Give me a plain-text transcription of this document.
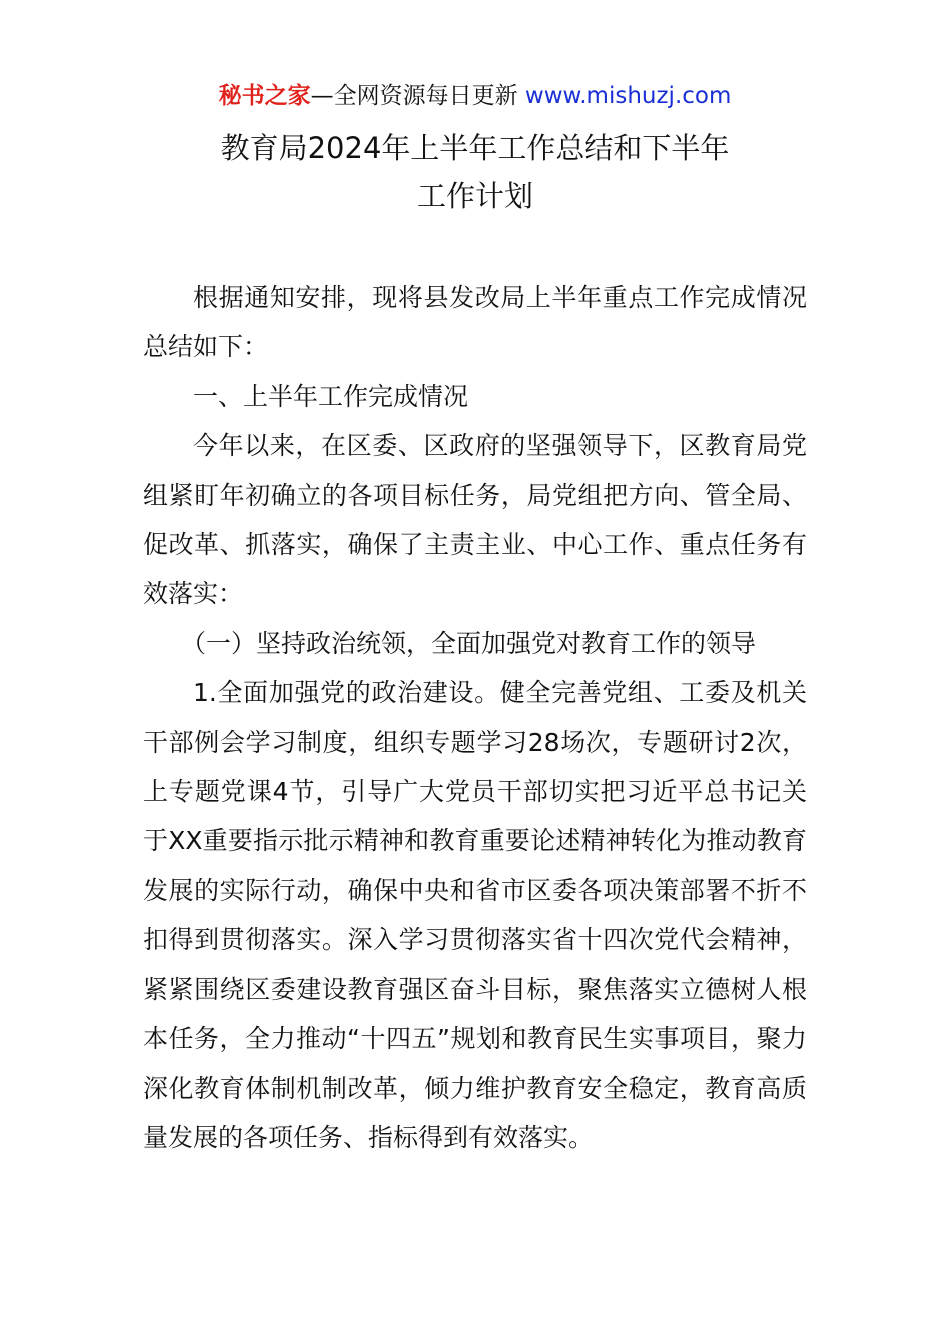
秘书之家—全网资源每日更新 www.mishuzj.com
教育局2024年上半年工作总结和下半年
工作计划

根据通知安排，现将县发改局上半年重点工作完成情况总结如下：

一、上半年工作完成情况

今年以来，在区委、区政府的坚强领导下，区教育局党组紧盯年初确立的各项目标任务，局党组把方向、管全局、促改革、抓落实，确保了主责主业、中心工作、重点任务有效落实：

（一）坚持政治统领，全面加强党对教育工作的领导

1.全面加强党的政治建设。健全完善党组、工委及机关干部例会学习制度，组织专题学习28场次，专题研讨2次，上专题党课4节，引导广大党员干部切实把习近平总书记关于XX重要指示批示精神和教育重要论述精神转化为推动教育发展的实际行动，确保中央和省市区委各项决策部署不折不扣得到贯彻落实。深入学习贯彻落实省十四次党代会精神，紧紧围绕区委建设教育强区奋斗目标，聚焦落实立德树人根本任务，全力推动“十四五”规划和教育民生实事项目，聚力深化教育体制机制改革，倾力维护教育安全稳定，教育高质量发展的各项任务、指标得到有效落实。
